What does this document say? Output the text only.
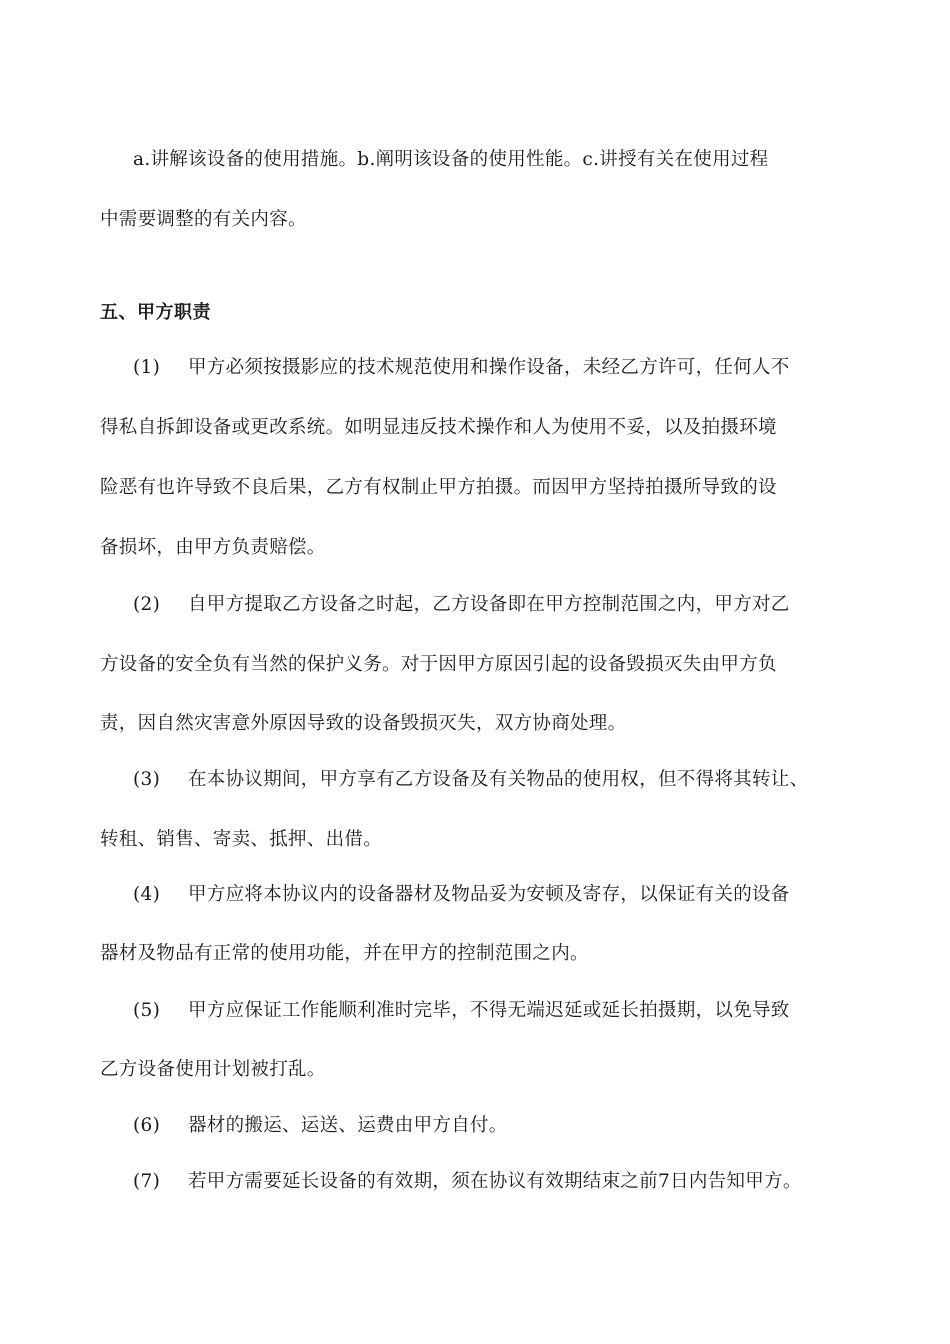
a.讲解该设备的使用措施。b.阐明该设备的使用性能。c.讲授有关在使用过程
中需要调整的有关内容。
五、甲方职责
(1) 甲方必须按摄影应的技术规范使用和操作设备，未经乙方许可，任何人不
得私自拆卸设备或更改系统。如明显违反技术操作和人为使用不妥，以及拍摄环境
险恶有也许导致不良后果，乙方有权制止甲方拍摄。而因甲方坚持拍摄所导致的设
备损坏，由甲方负责赔偿。
(2) 自甲方提取乙方设备之时起，乙方设备即在甲方控制范围之内，甲方对乙
方设备的安全负有当然的保护义务。对于因甲方原因引起的设备毁损灭失由甲方负
责，因自然灾害意外原因导致的设备毁损灭失，双方协商处理。
(3) 在本协议期间，甲方享有乙方设备及有关物品的使用权，但不得将其转让、
转租、销售、寄卖、抵押、出借。
(4) 甲方应将本协议内的设备器材及物品妥为安顿及寄存，以保证有关的设备
器材及物品有正常的使用功能，并在甲方的控制范围之内。
(5) 甲方应保证工作能顺利准时完毕，不得无端迟延或延长拍摄期，以免导致
乙方设备使用计划被打乱。
(6) 器材的搬运、运送、运费由甲方自付。
(7) 若甲方需要延长设备的有效期，须在协议有效期结束之前7日内告知甲方。
